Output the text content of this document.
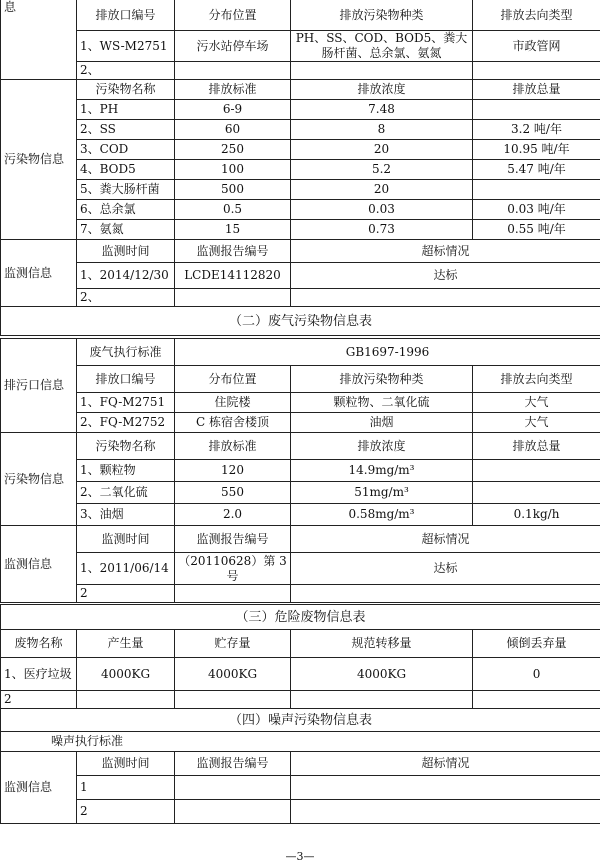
息	排放口编号	分布位置	排放污染物种类	排放去向类型
	1、WS-M2751	污水站停车场	PH、SS、COD、BOD5、粪大肠杆菌、总余氯、氨氮	市政管网
	2、			
污染物信息	污染物名称	排放标准	排放浓度	排放总量
	1、PH	6-9	7.48	
	2、SS	60	8	3.2 吨/年
	3、COD	250	20	10.95 吨/年
	4、BOD5	100	5.2	5.47 吨/年
	5、粪大肠杆菌	500	20	
	6、总余氯	0.5	0.03	0.03 吨/年
	7、氨氮	15	0.73	0.55 吨/年
监测信息	监测时间	监测报告编号	超标情况	
	1、2014/12/30	LCDE14112820	达标	
	2、			
（二）废气污染物信息表				
排污口信息	废气执行标准	GB1697-1996		
	排放口编号	分布位置	排放污染物种类	排放去向类型
	1、FQ-M2751	住院楼	颗粒物、二氧化硫	大气
	2、FQ-M2752	C 栋宿舍楼顶	油烟	大气
污染物信息	污染物名称	排放标准	排放浓度	排放总量
	1、颗粒物	120	14.9mg/m³	
	2、二氧化硫	550	51mg/m³	
	3、油烟	2.0	0.58mg/m³	0.1kg/h
监测信息	监测时间	监测报告编号	超标情况	
	1、2011/06/14	（20110628）第 3 号	达标	
	2			
（三）危险废物信息表				
废物名称	产生量	贮存量	规范转移量	倾倒丢弃量
1、医疗垃圾	4000KG	4000KG	4000KG	0
2				
（四）噪声污染物信息表			
噪声执行标准			
监测信息	监测时间	监测报告编号	超标情况
	1		
	2		
—3—
